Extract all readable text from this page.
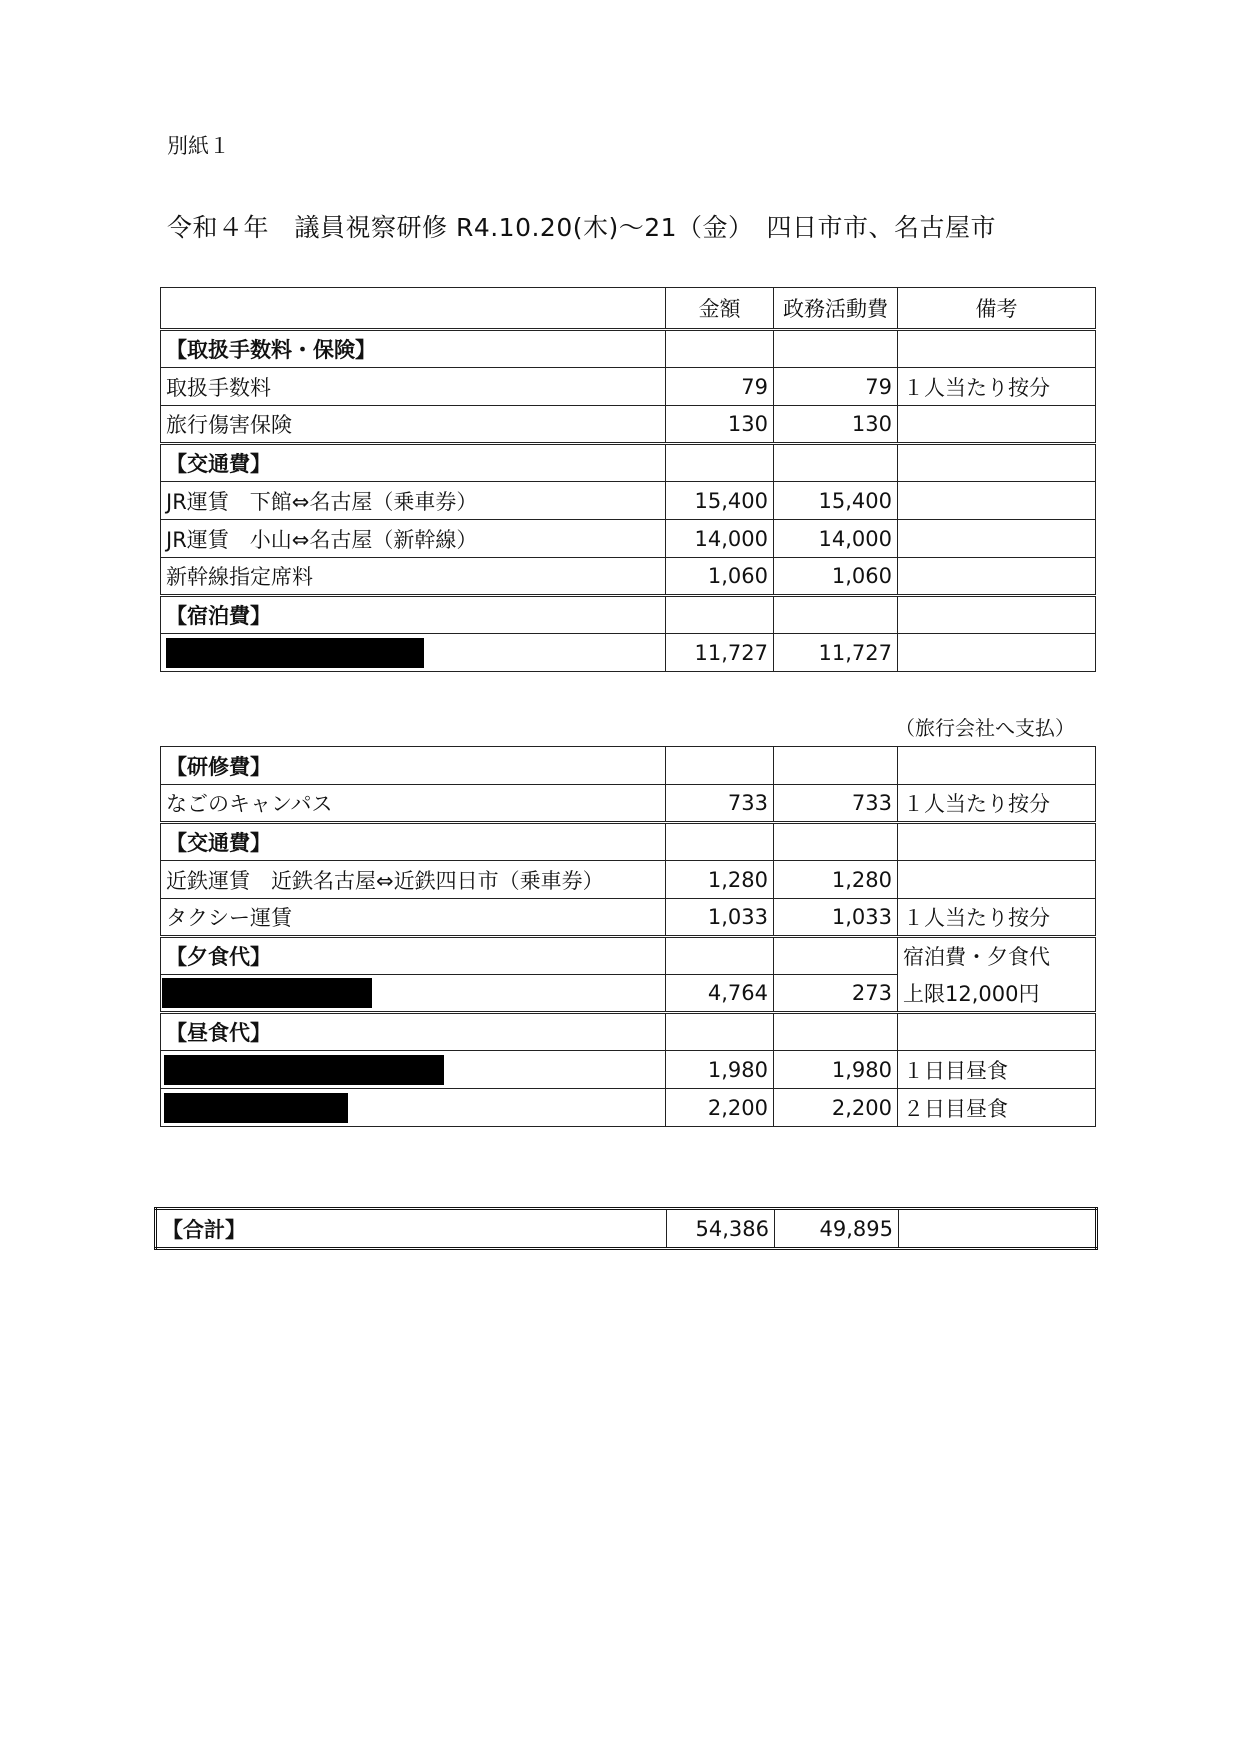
別紙１
令和４年　議員視察研修 R4.10.20(木)～21（金）　四日市市、名古屋市
	金額	政務活動費	備考
【取扱手数料・保険】			
取扱手数料	79	79	１人当たり按分
旅行傷害保険	130	130	
【交通費】			
JR運賃　下館⇔名古屋（乗車券）	15,400	15,400	
JR運賃　小山⇔名古屋（新幹線）	14,000	14,000	
新幹線指定席料	1,060	1,060	
【宿泊費】			
	11,727	11,727	
（旅行会社へ支払）
【研修費】			
なごのキャンパス	733	733	１人当たり按分
【交通費】			
近鉄運賃　近鉄名古屋⇔近鉄四日市（乗車券）	1,280	1,280	
タクシー運賃	1,033	1,033	１人当たり按分
【夕食代】			宿泊費・夕食代
	4,764	273	上限12,000円
【昼食代】			
	1,980	1,980	１日目昼食
	2,200	2,200	２日目昼食
【合計】	54,386	49,895	
